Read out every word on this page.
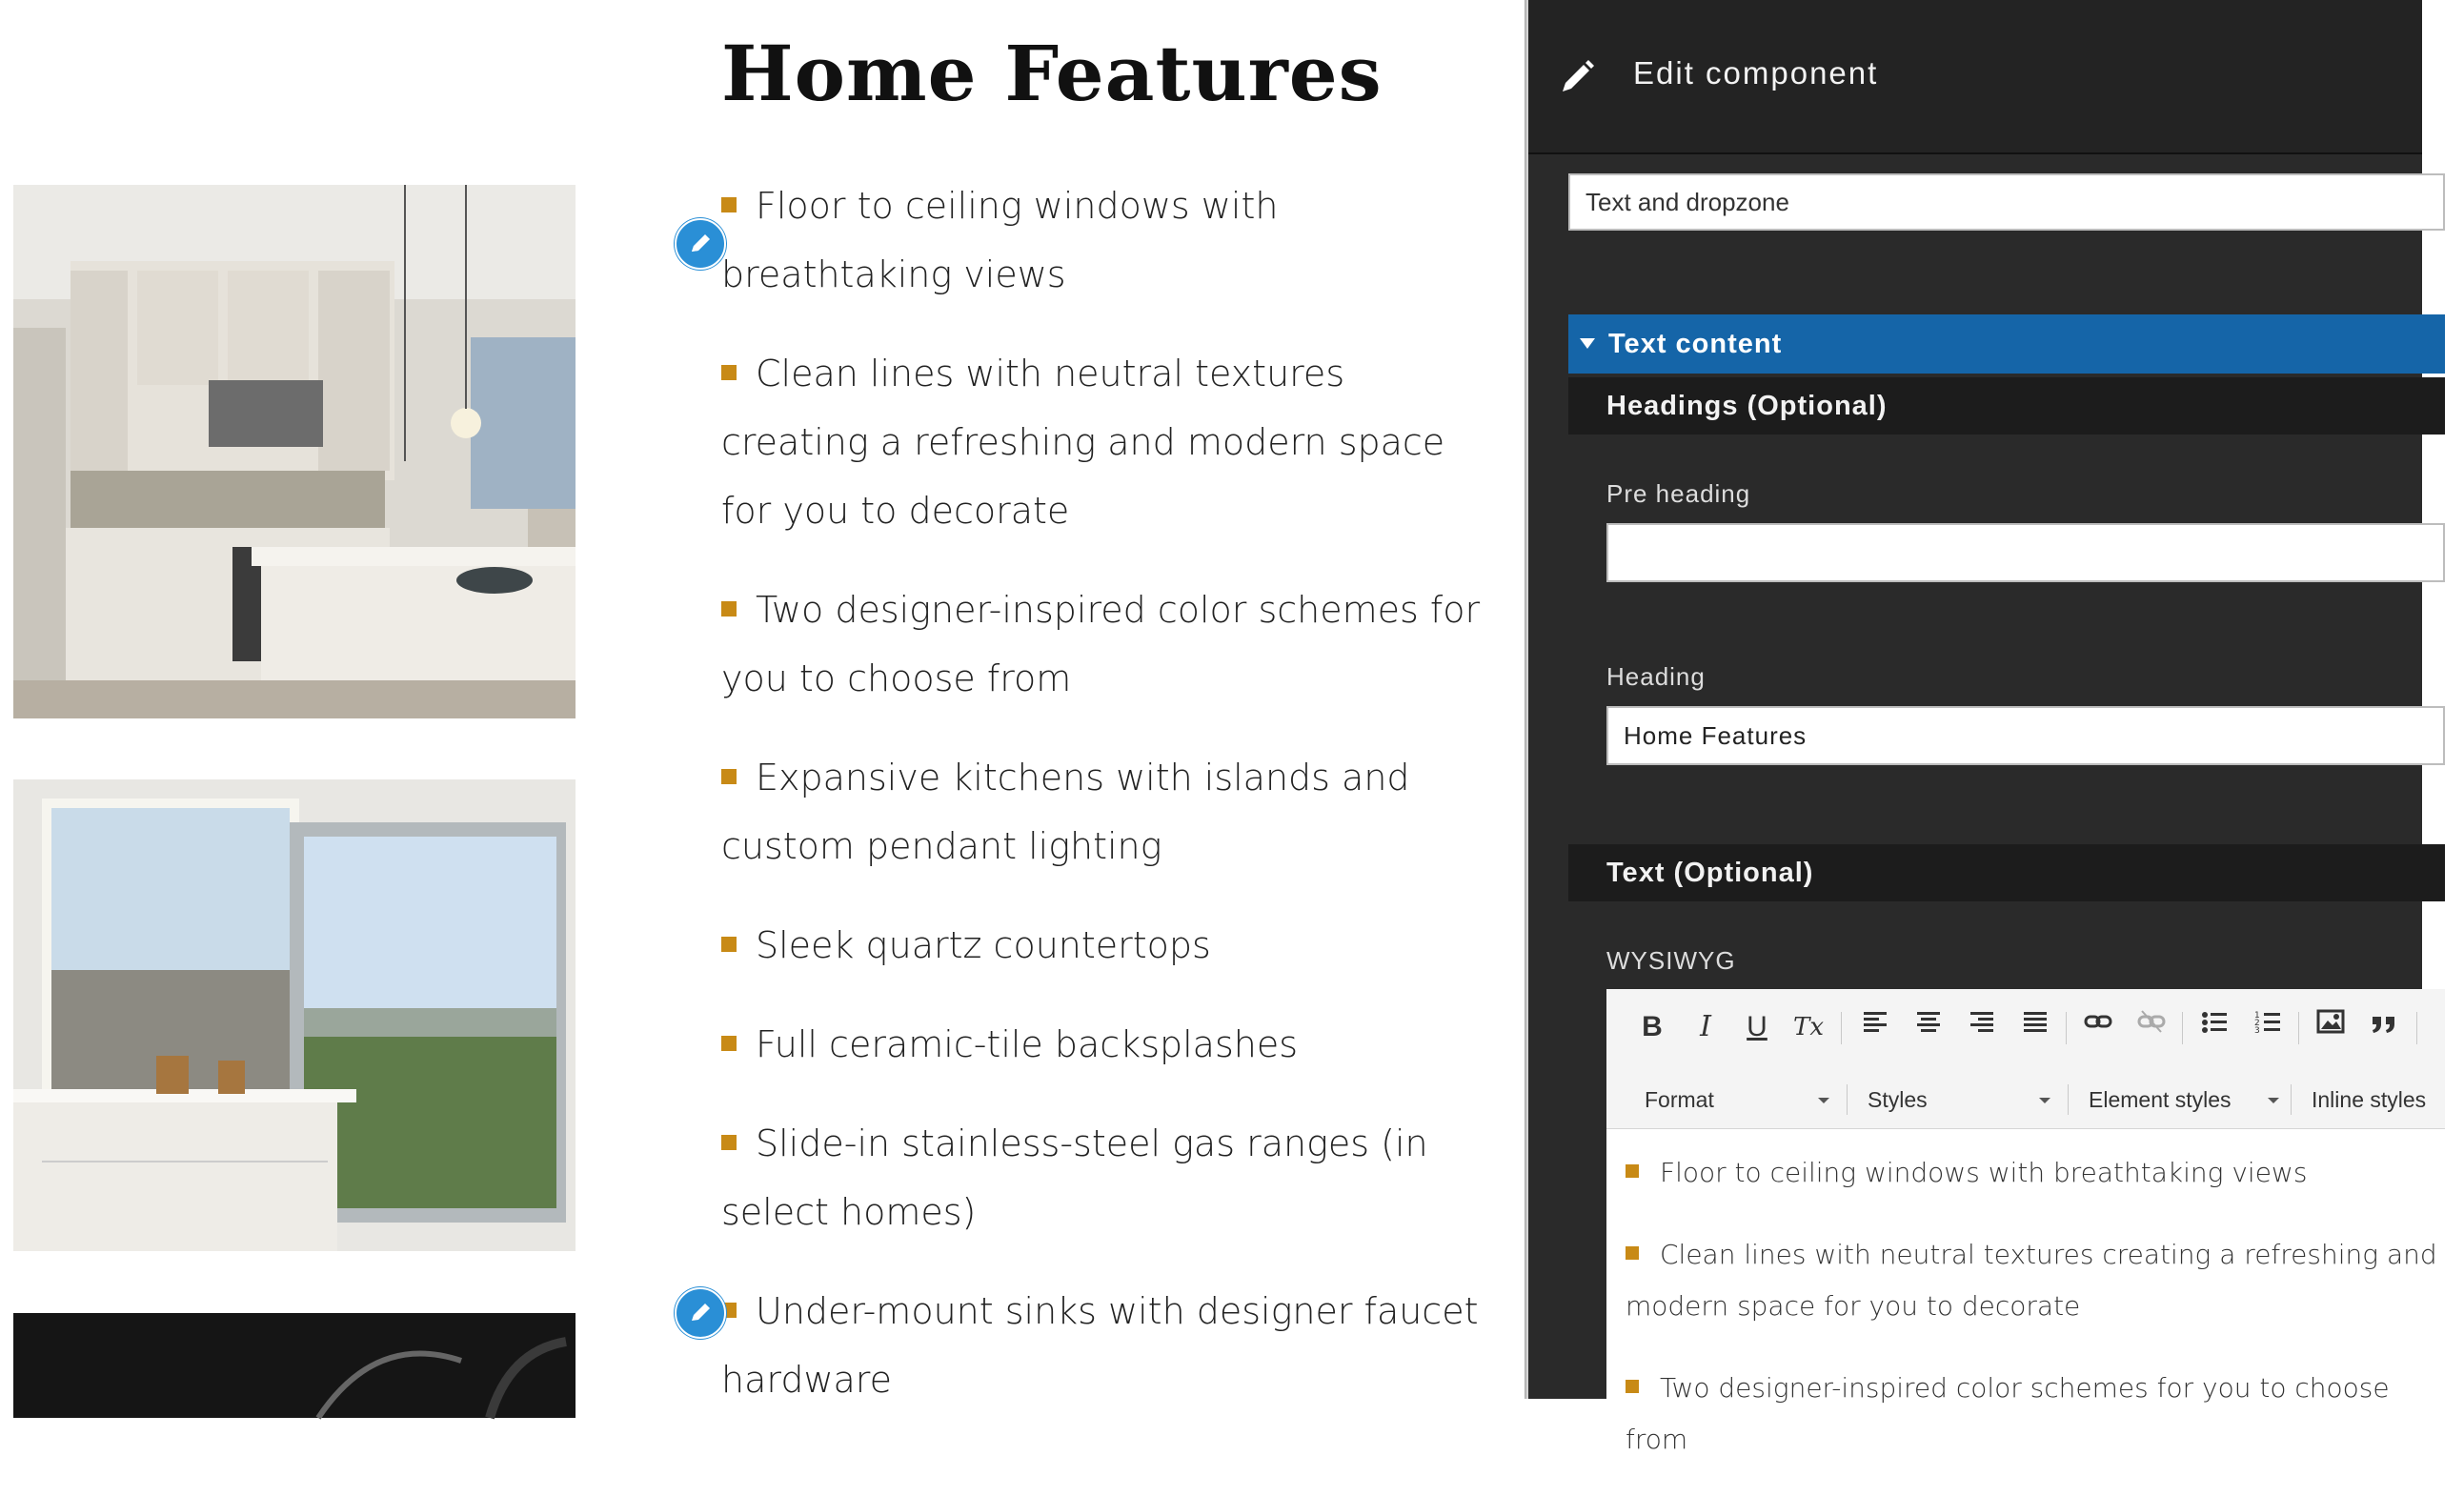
Home Features
Floor to ceiling windows with breathtaking views
Clean lines with neutral textures creating a refreshing and modern space for you to decorate
Two designer-inspired color schemes for you to choose from
Expansive kitchens with islands and custom pendant lighting
Sleek quartz countertops
Full ceramic-tile backsplashes
Slide-in stainless-steel gas ranges (in select homes)
Under-mount sinks with designer faucet hardware
Edit component
Text and dropzone
Text content
Headings (Optional)
Pre heading
Heading
Home Features
Text (Optional)
WYSIWYG
B	I	U	Tx	1
2
3
Format	Styles	Element styles	Inline styles
Floor to ceiling windows with breathtaking views
Clean lines with neutral textures creating a refreshing and modern space for you to decorate
Two designer-inspired color schemes for you to choose from
